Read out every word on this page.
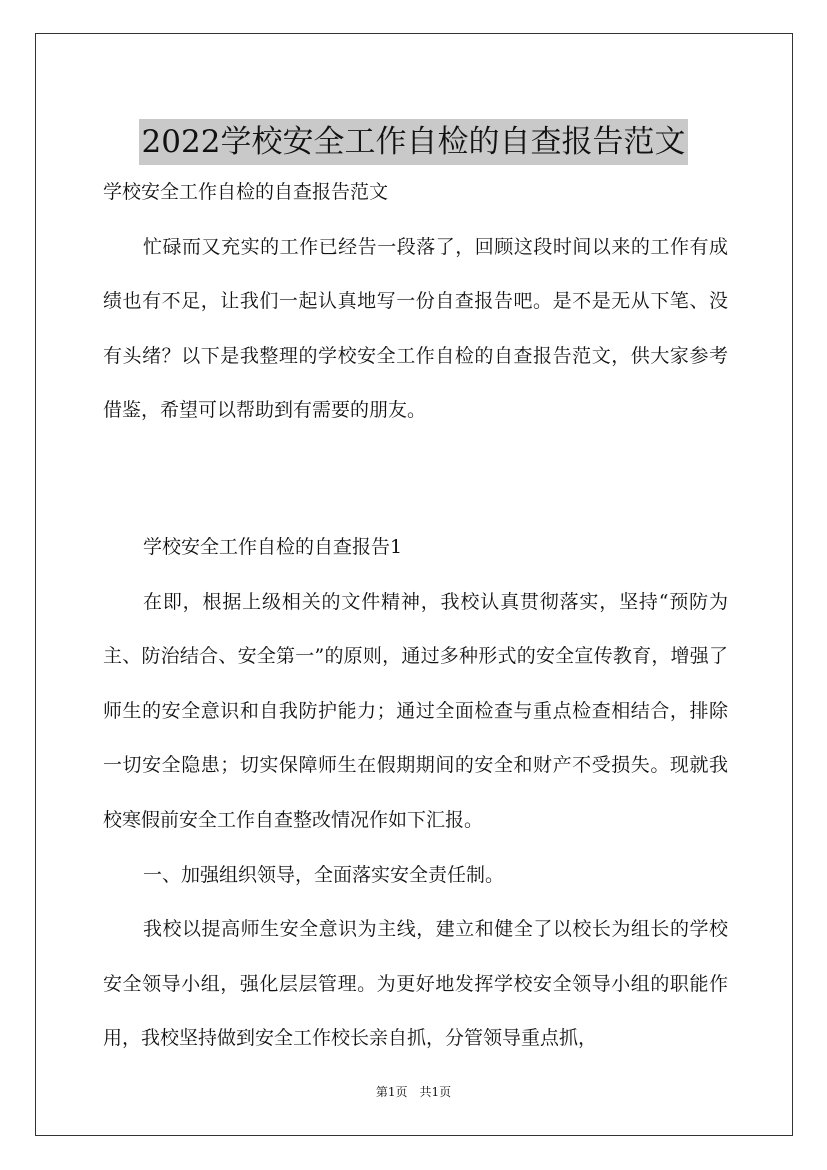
2022学校安全工作自检的自查报告范文

学校安全工作自检的自查报告范文

忙碌而又充实的工作已经告一段落了，回顾这段时间以来的工作有成绩也有不足，让我们一起认真地写一份自查报告吧。是不是无从下笔、没有头绪？以下是我整理的学校安全工作自检的自查报告范文，供大家参考借鉴，希望可以帮助到有需要的朋友。

学校安全工作自检的自查报告1

在即，根据上级相关的文件精神，我校认真贯彻落实，坚持“预防为主、防治结合、安全第一”的原则，通过多种形式的安全宣传教育，增强了师生的安全意识和自我防护能力；通过全面检查与重点检查相结合，排除一切安全隐患；切实保障师生在假期期间的安全和财产不受损失。现就我校寒假前安全工作自查整改情况作如下汇报。

一、加强组织领导，全面落实安全责任制。

我校以提高师生安全意识为主线，建立和健全了以校长为组长的学校安全领导小组，强化层层管理。为更好地发挥学校安全领导小组的职能作用，我校坚持做到安全工作校长亲自抓，分管领导重点抓，

第1页 共1页
